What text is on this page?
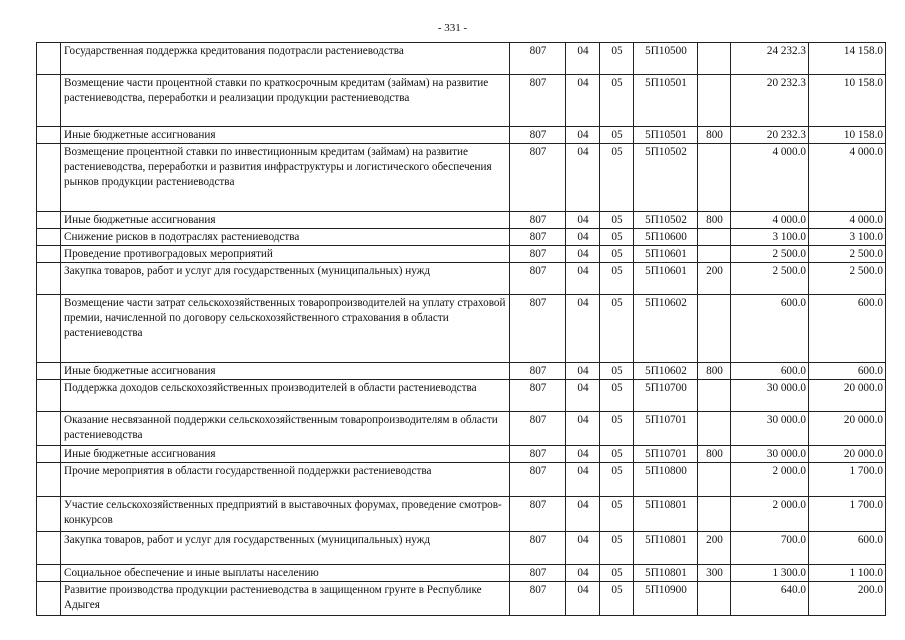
- 331 -
	Государственная поддержка кредитования подотрасли растениеводства	807	04	05	5П10500		24 232.3	14 158.0
	Возмещение части процентной ставки по краткосрочным кредитам (займам) на развитие растениеводства, переработки и реализации продукции растениеводства	807	04	05	5П10501		20 232.3	10 158.0
	Иные бюджетные ассигнования	807	04	05	5П10501	800	20 232.3	10 158.0
	Возмещение процентной ставки по инвестиционным кредитам (займам) на развитие растениеводства, переработки и развития инфраструктуры и логистического обеспечения рынков продукции растениеводства	807	04	05	5П10502		4 000.0	4 000.0
	Иные бюджетные ассигнования	807	04	05	5П10502	800	4 000.0	4 000.0
	Снижение рисков в подотраслях растениеводства	807	04	05	5П10600		3 100.0	3 100.0
	Проведение противоградовых мероприятий	807	04	05	5П10601		2 500.0	2 500.0
	Закупка товаров, работ и услуг для государственных (муниципальных) нужд	807	04	05	5П10601	200	2 500.0	2 500.0
	Возмещение части затрат сельскохозяйственных товаропроизводителей на уплату страховой премии, начисленной по договору сельскохозяйственного страхования в области растениеводства	807	04	05	5П10602		600.0	600.0
	Иные бюджетные ассигнования	807	04	05	5П10602	800	600.0	600.0
	Поддержка доходов сельскохозяйственных производителей в области растениеводства	807	04	05	5П10700		30 000.0	20 000.0
	Оказание несвязанной поддержки сельскохозяйственным товаропроизводителям в области растениеводства	807	04	05	5П10701		30 000.0	20 000.0
	Иные бюджетные ассигнования	807	04	05	5П10701	800	30 000.0	20 000.0
	Прочие мероприятия в области государственной поддержки растениеводства	807	04	05	5П10800		2 000.0	1 700.0
	Участие сельскохозяйственных предприятий в выставочных форумах, проведение смотров-конкурсов	807	04	05	5П10801		2 000.0	1 700.0
	Закупка товаров, работ и услуг для государственных (муниципальных) нужд	807	04	05	5П10801	200	700.0	600.0
	Социальное обеспечение и иные выплаты населению	807	04	05	5П10801	300	1 300.0	1 100.0
	Развитие производства продукции растениеводства в защищенном грунте в Республике Адыгея	807	04	05	5П10900		640.0	200.0
